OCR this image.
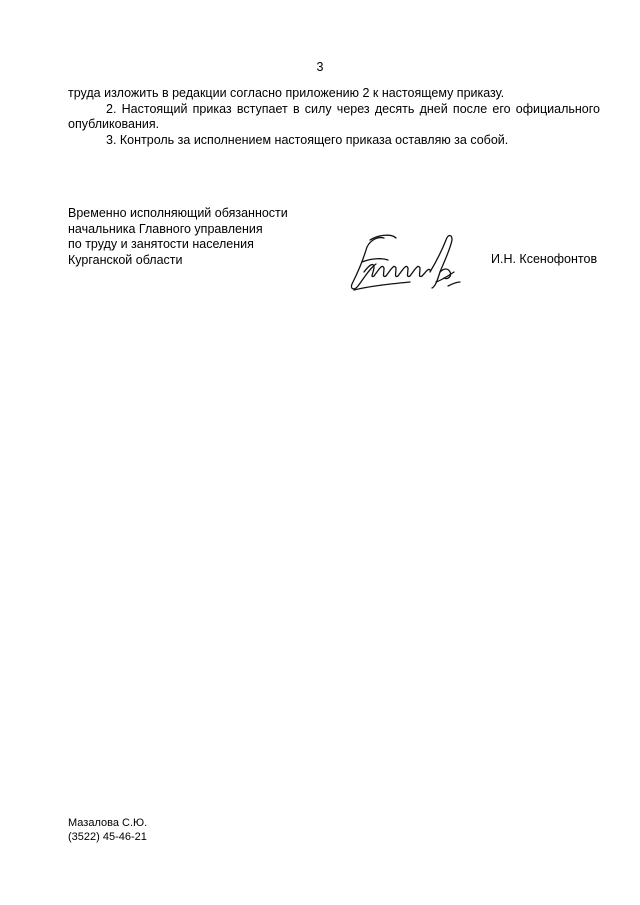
3

труда изложить в редакции согласно приложению 2 к настоящему приказу.

2. Настоящий приказ вступает в силу через десять дней после его официального опубликования.

3. Контроль за исполнением настоящего приказа оставляю за собой.

Временно исполняющий обязанности
начальника Главного управления
по труду и занятости населения
Курганской области	И.Н. Ксенофонтов
Мазалова С.Ю.
(3522) 45-46-21
